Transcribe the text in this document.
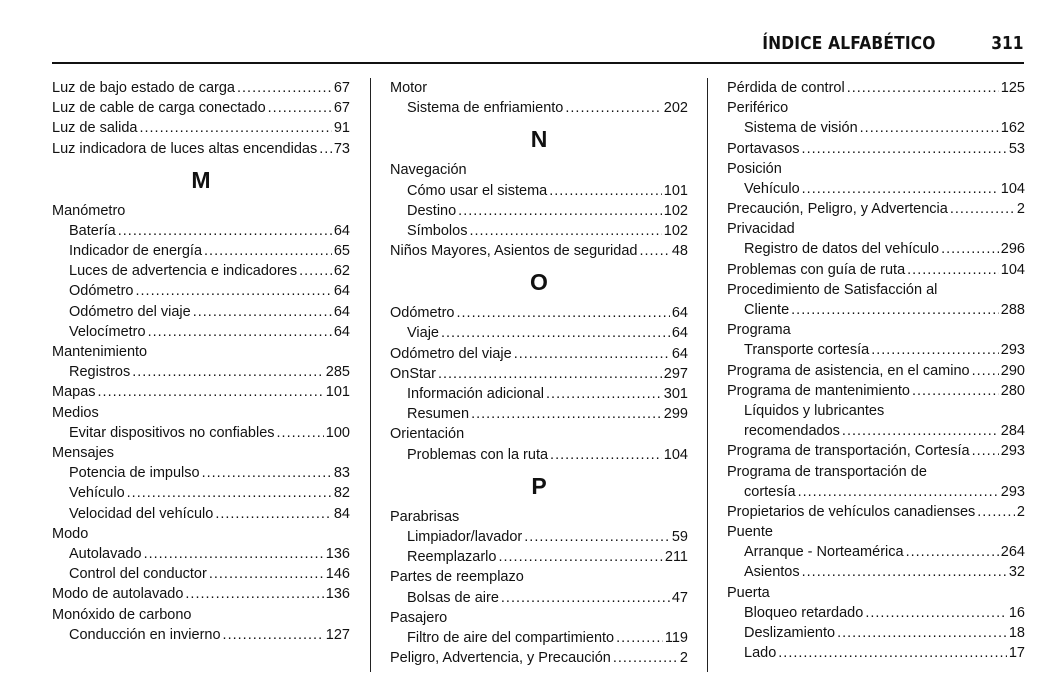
ÍNDICE ALFABÉTICO	311
Luz de bajo estado de carga .....	67
Luz de cable de carga conectado .....	67
Luz de salida .....	91
Luz indicadora de luces altas encendidas ..... 73
M
Manómetro
Batería .....	64
Indicador de energía .....	65
Luces de advertencia e indicadores .....	62
Odómetro .....	64
Odómetro del viaje .....	64
Velocímetro .....	64
Mantenimiento
Registros .....	285
Mapas .....	101
Medios
Evitar dispositivos no confiables .....	100
Mensajes
Potencia de impulso .....	83
Vehículo .....	82
Velocidad del vehículo .....	84
Modo
Autolavado .....	136
Control del conductor .....	146
Modo de autolavado .....	136
Monóxido de carbono
Conducción en invierno .....	127
Motor
Sistema de enfriamiento .....	202
N
Navegación
Cómo usar el sistema .....	101
Destino .....	102
Símbolos .....	102
Niños Mayores, Asientos de seguridad ..... 48
O
Odómetro .....	64
Viaje .....	64
Odómetro del viaje .....	64
OnStar .....	297
Información adicional .....	301
Resumen .....	299
Orientación
Problemas con la ruta .....	104
P
Parabrisas
Limpiador/lavador .....	59
Reemplazarlo .....	211
Partes de reemplazo
Bolsas de aire .....	47
Pasajero
Filtro de aire del compartimiento .....	119
Peligro, Advertencia, y Precaución .....	2
Pérdida de control .....	125
Periférico
Sistema de visión .....	162
Portavasos .....	53
Posición
Vehículo .....	104
Precaución, Peligro, y Advertencia .....	2
Privacidad
Registro de datos del vehículo .....	296
Problemas con guía de ruta .....	104
Procedimiento de Satisfacción al
Cliente .....	288
Programa
Transporte cortesía .....	293
Programa de asistencia, en el camino ..... 290
Programa de mantenimiento .....	280
Líquidos y lubricantes
recomendados .....	284
Programa de transportación, Cortesía ..... 293
Programa de transportación de
cortesía .....	293
Propietarios de vehículos canadienses .....	2
Puente
Arranque - Norteamérica .....	264
Asientos .....	32
Puerta
Bloqueo retardado .....	16
Deslizamiento .....	18
Lado .....	17
